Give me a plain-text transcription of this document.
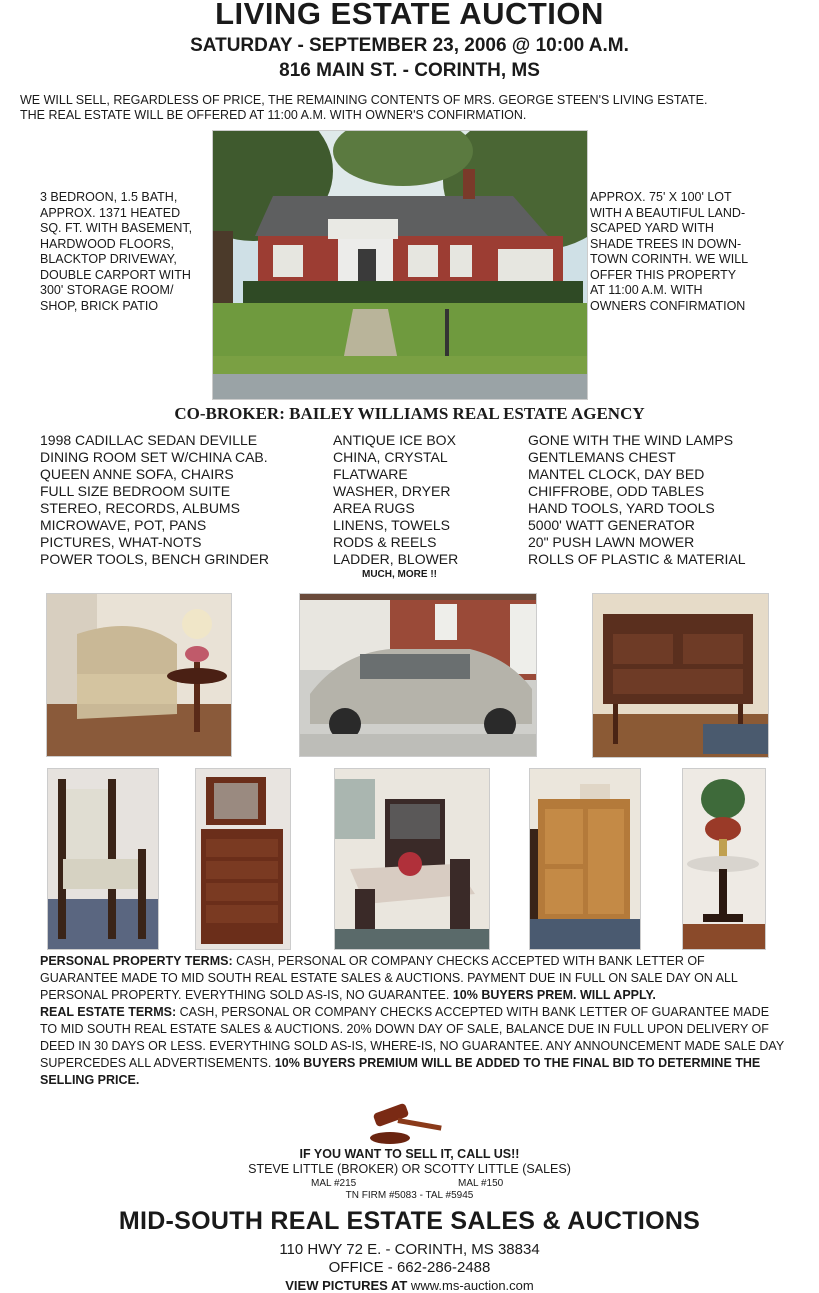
LIVING ESTATE AUCTION
SATURDAY - SEPTEMBER 23, 2006 @ 10:00 A.M.
816 MAIN ST. - CORINTH, MS
WE WILL SELL, REGARDLESS OF PRICE, THE REMAINING CONTENTS OF MRS. GEORGE STEEN'S LIVING ESTATE.
THE REAL ESTATE WILL BE OFFERED AT 11:00 A.M. WITH OWNER'S CONFIRMATION.
3 BEDROON, 1.5 BATH,
APPROX. 1371 HEATED
SQ. FT. WITH BASEMENT,
HARDWOOD FLOORS,
BLACKTOP DRIVEWAY,
DOUBLE CARPORT WITH
300' STORAGE ROOM/
SHOP, BRICK PATIO
APPROX. 75' X 100' LOT
WITH A BEAUTIFUL LAND-
SCAPED YARD WITH
SHADE TREES IN DOWN-
TOWN CORINTH. WE WILL
OFFER THIS PROPERTY
AT 11:00 A.M. WITH
OWNERS CONFIRMATION
CO-BROKER: BAILEY WILLIAMS REAL ESTATE AGENCY
1998 CADILLAC SEDAN DEVILLE
DINING ROOM SET W/CHINA CAB.
QUEEN ANNE SOFA, CHAIRS
FULL SIZE BEDROOM SUITE
STEREO, RECORDS, ALBUMS
MICROWAVE, POT, PANS
PICTURES, WHAT-NOTS
POWER TOOLS, BENCH GRINDER
ANTIQUE ICE BOX
CHINA, CRYSTAL
FLATWARE
WASHER, DRYER
AREA RUGS
LINENS, TOWELS
RODS & REELS
LADDER, BLOWER
GONE WITH THE WIND LAMPS
GENTLEMANS CHEST
MANTEL CLOCK, DAY BED
CHIFFROBE, ODD TABLES
HAND TOOLS, YARD TOOLS
5000' WATT GENERATOR
20" PUSH LAWN MOWER
ROLLS OF PLASTIC & MATERIAL
MUCH, MORE !!
PERSONAL PROPERTY TERMS: CASH, PERSONAL OR COMPANY CHECKS ACCEPTED WITH BANK LETTER OF GUARANTEE MADE TO MID SOUTH REAL ESTATE SALES & AUCTIONS. PAYMENT DUE IN FULL ON SALE DAY ON ALL PERSONAL PROPERTY. EVERYTHING SOLD AS-IS, NO GUARANTEE. 10% BUYERS PREM. WILL APPLY.
REAL ESTATE TERMS: CASH, PERSONAL OR COMPANY CHECKS ACCEPTED WITH BANK LETTER OF GUARANTEE MADE TO MID SOUTH REAL ESTATE SALES & AUCTIONS. 20% DOWN DAY OF SALE, BALANCE DUE IN FULL UPON DELIVERY OF DEED IN 30 DAYS OR LESS. EVERYTHING SOLD AS-IS, WHERE-IS, NO GUARANTEE. ANY ANNOUNCEMENT MADE SALE DAY SUPERCEDES ALL ADVERTISEMENTS. 10% BUYERS PREMIUM WILL BE ADDED TO THE FINAL BID TO DETERMINE THE SELLING PRICE.
IF YOU WANT TO SELL IT, CALL US!!
STEVE LITTLE (BROKER) OR SCOTTY LITTLE (SALES)
MAL #215	MAL #150
TN FIRM #5083 - TAL #5945
MID-SOUTH REAL ESTATE SALES & AUCTIONS
110 HWY 72 E. - CORINTH, MS 38834
OFFICE - 662-286-2488
VIEW PICTURES AT www.ms-auction.com
